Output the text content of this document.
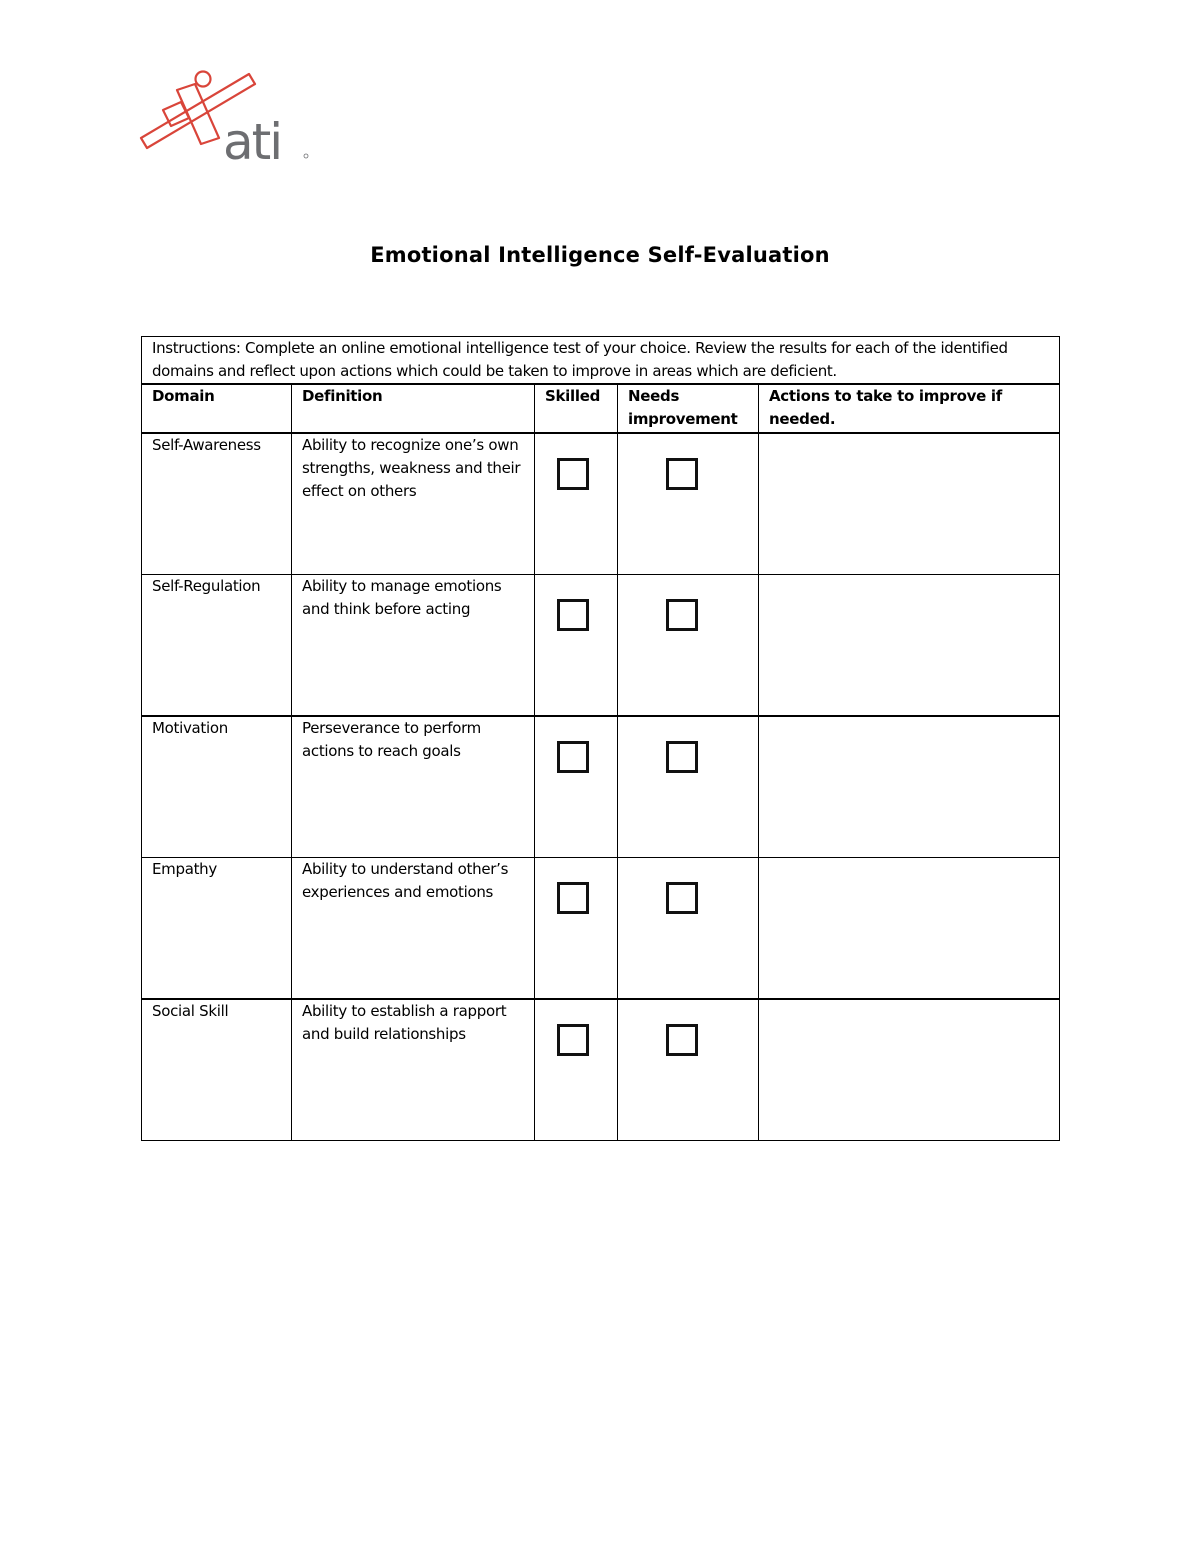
ati
Emotional Intelligence Self-Evaluation
Instructions: Complete an online emotional intelligence test of your choice. Review the results for each of the identified domains and reflect upon actions which could be taken to improve in areas which are deficient.				
Domain	Definition	Skilled	Needs improvement	Actions to take to improve if needed.
Self-Awareness	Ability to recognize one’s own strengths, weakness and their effect on others	

Self-Regulation	Ability to manage emotions and think before acting	

Motivation	Perseverance to perform actions to reach goals	

Empathy	Ability to understand other’s experiences and emotions	

Social Skill	Ability to establish a rapport and build relationships	
